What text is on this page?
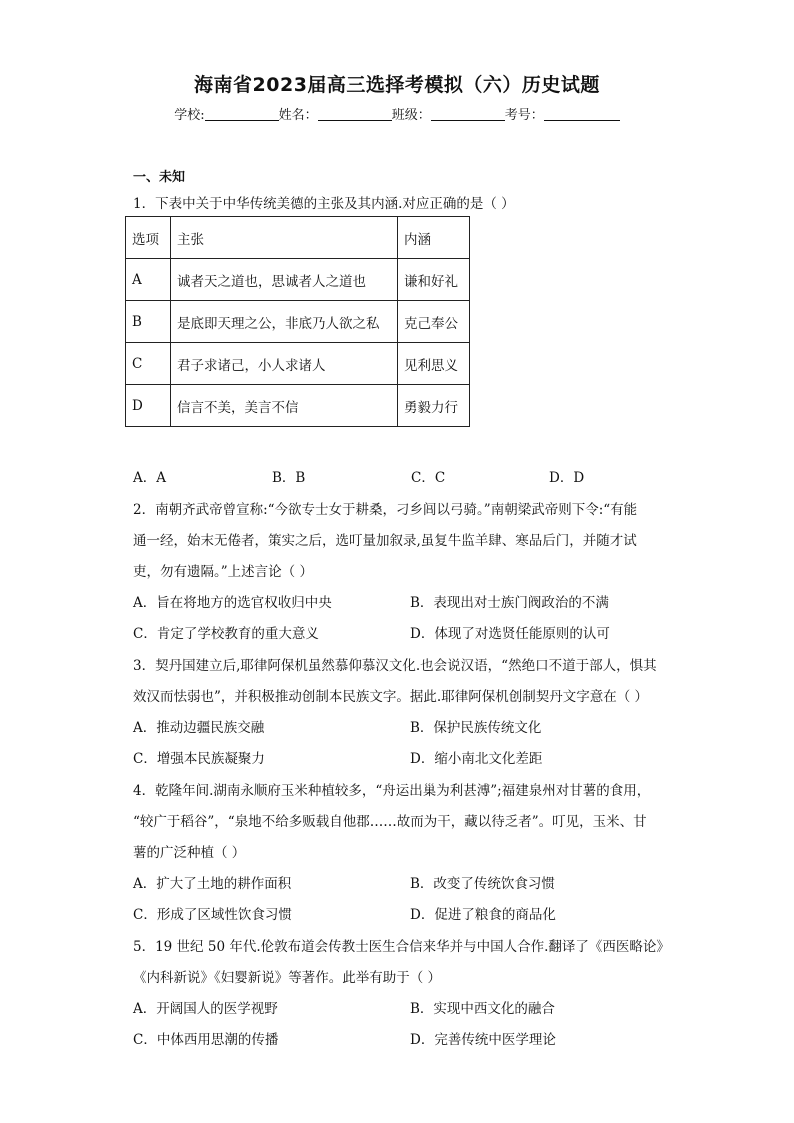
海南省2023届高三选择考模拟（六）历史试题
学校:	姓名：	班级：	考号：
一、未知
1．下表中关于中华传统美德的主张及其内涵.对应正确的是（ ）
选项	主张	内涵
A	诚者天之道也，思诚者人之道也	谦和好礼
B	是底即天理之公，非底乃人欲之私	克己奉公
C	君子求诸己，小人求诸人	见利思义
D	信言不美，美言不信	勇毅力行
A．A	B．B	C．C	D．D
2．南朝齐武帝曾宣称:“今欲专士女于耕桑，刁乡闾以弓骑。”南朝梁武帝则下令:“有能
通一经，始末无倦者，策实之后，选叮量加叙录,虽复牛监羊肆、寒品后门，并随才试
吏，勿有遗隔。”上述言论（ ）
A．旨在将地方的选官权收归中央	B．表现出对士族门阀政治的不满
C．肯定了学校教育的重大意义	D．体现了对选贤任能原则的认可
3．契丹国建立后,耶律阿保机虽然慕仰慕汉文化.也会说汉语，“然绝口不道于部人，惧其
效汉而怯弱也”，并积极推动创制本民族文字。据此.耶律阿保机创制契丹文字意在（ ）
A．推动边疆民族交融	B．保护民族传统文化
C．增强本民族凝聚力	D．缩小南北文化差距
4．乾隆年间.湖南永顺府玉米种植较多，“舟运出巢为利甚溥”;福建泉州对甘薯的食用，
“较广于稻谷”，“泉地不给多贩载自他郡……故而为干，藏以待乏者”。叮见，玉米、甘
薯的广泛种植（ ）
A．扩大了土地的耕作面积	B．改变了传统饮食习惯
C．形成了区域性饮食习惯	D．促进了粮食的商品化
5．19 世纪 50 年代.伦敦布道会传教士医生合信来华并与中国人合作.翻译了《西医略论》
《内科新说》《妇婴新说》等著作。此举有助于（ ）
A．开阔国人的医学视野	B．实现中西文化的融合
C．中体西用思潮的传播	D．完善传统中医学理论
